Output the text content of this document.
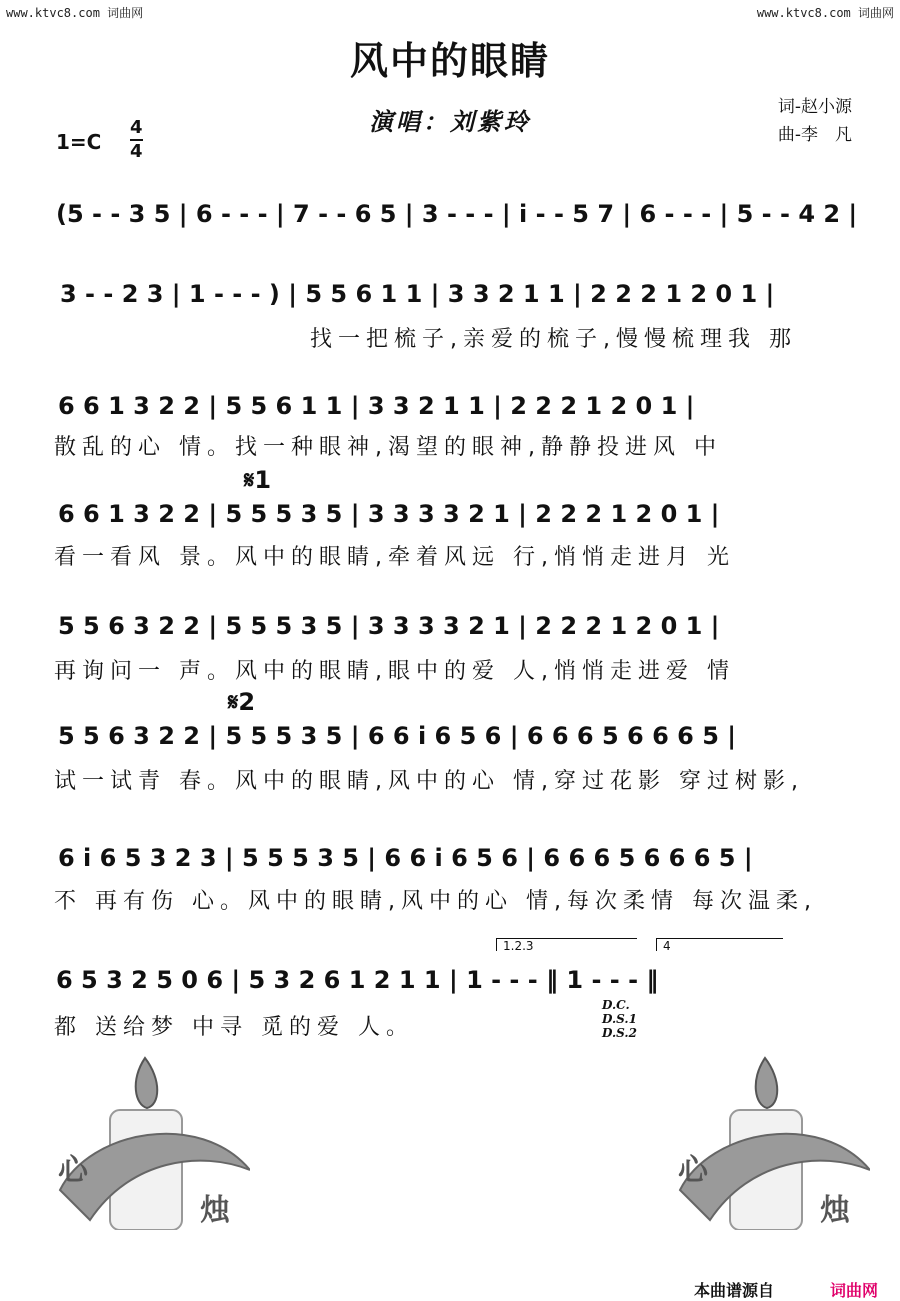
www.ktvc8.com 词曲网	www.ktvc8.com 词曲网
风中的眼睛
演唱：刘紫玲	词-赵小源
曲-李　凡
1=C
4
4
(5 - - 3 5 | 6 - - - | 7 - - 6 5 | 3 - - - | i - - 5 7 | 6 - - - | 5 - - 4 2 |
3 - - 2 3 | 1 - - - ) | 5 5 6 1 1 | 3 3 2 1 1 | 2 2 2 1 2 0 1 |
找一把梳子,亲爱的梳子,慢慢梳理我 那
6 6 1 3 2 2 | 5 5 6 1 1 | 3 3 2 1 1 | 2 2 2 1 2 0 1 |
散乱的心 情。找一种眼神,渴望的眼神,静静投进风 中
𝄋1
6 6 1 3 2 2 | 5 5 5 3 5 | 3 3 3 3 2 1 | 2 2 2 1 2 0 1 |
看一看风 景。风中的眼睛,牵着风远 行,悄悄走进月 光
5 5 6 3 2 2 | 5 5 5 3 5 | 3 3 3 3 2 1 | 2 2 2 1 2 0 1 |
再询问一 声。风中的眼睛,眼中的爱 人,悄悄走进爱 情
𝄋2
5 5 6 3 2 2 | 5 5 5 3 5 | 6 6 i 6 5 6 | 6 6 6 5 6 6 6 5 |
试一试青 春。风中的眼睛,风中的心 情,穿过花影 穿过树影,
6 i 6 5 3 2 3 | 5 5 5 3 5 | 6 6 i 6 5 6 | 6 6 6 5 6 6 6 5 |
不 再有伤 心。风中的眼睛,风中的心 情,每次柔情 每次温柔,
1.2.3	4
6 5 3 2 5 0 6 | 5 3 2 6 1 2 1 1 | 1 - - - ‖ 1 - - - ‖
都 送给梦 中寻 觅的爱 人。
D.C.
D.S.1
D.S.2
心
烛
心
烛
本曲谱源自	词曲网
